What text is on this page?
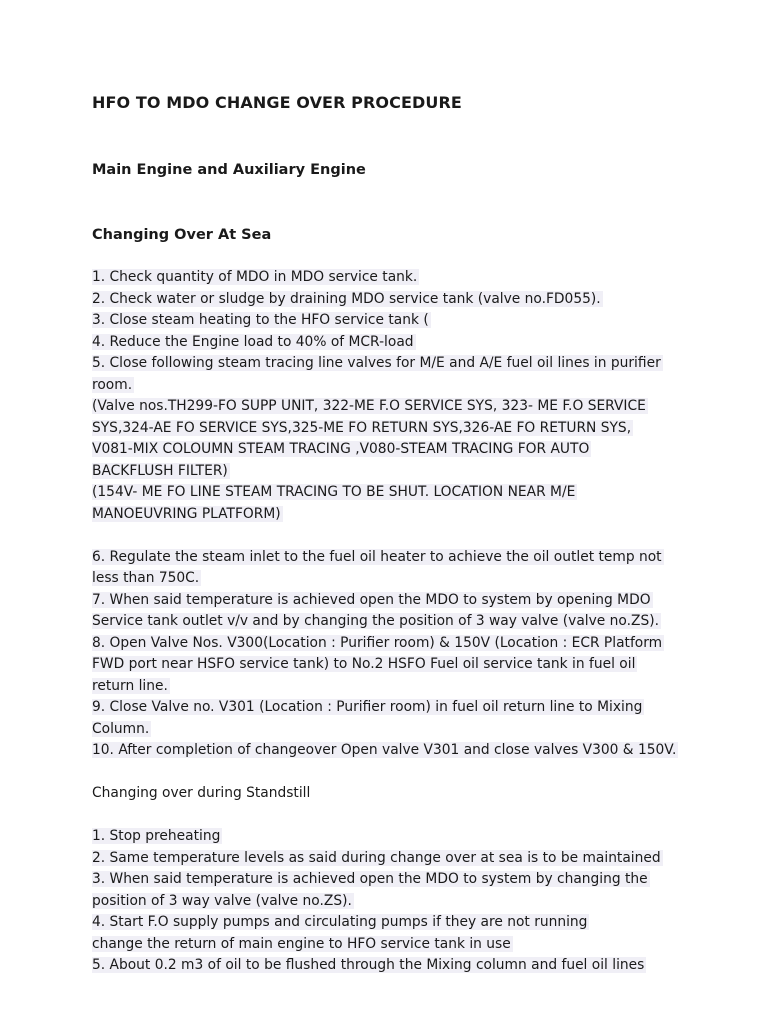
HFO TO MDO CHANGE OVER PROCEDURE
Main Engine and Auxiliary Engine
Changing Over At Sea
1. Check quantity of MDO in MDO service tank.
2. Check water or sludge by draining MDO service tank (valve no.FD055).
3. Close steam heating to the HFO service tank (
4. Reduce the Engine load to 40% of MCR-load
5. Close following steam tracing line valves for M/E and A/E fuel oil lines in purifier
room.
(Valve nos.TH299-FO SUPP UNIT, 322-ME F.O SERVICE SYS, 323- ME F.O SERVICE
SYS,324-AE FO SERVICE SYS,325-ME FO RETURN SYS,326-AE FO RETURN SYS,
V081-MIX COLOUMN STEAM TRACING ,V080-STEAM TRACING FOR AUTO
BACKFLUSH FILTER)
(154V- ME FO LINE STEAM TRACING TO BE SHUT. LOCATION NEAR M/E
MANOEUVRING PLATFORM)
6. Regulate the steam inlet to the fuel oil heater to achieve the oil outlet temp not
less than 750C.
7. When said temperature is achieved open the MDO to system by opening MDO
Service tank outlet v/v and by changing the position of 3 way valve (valve no.ZS).
8. Open Valve Nos. V300(Location : Purifier room) & 150V (Location : ECR Platform
FWD port near HSFO service tank) to No.2 HSFO Fuel oil service tank in fuel oil
return line.
9. Close Valve no. V301 (Location : Purifier room) in fuel oil return line to Mixing
Column.
10. After completion of changeover Open valve V301 and close valves V300 & 150V.
Changing over during Standstill
1. Stop preheating
2. Same temperature levels as said during change over at sea is to be maintained
3. When said temperature is achieved open the MDO to system by changing the
position of 3 way valve (valve no.ZS).
4. Start F.O supply pumps and circulating pumps if they are not running
change the return of main engine to HFO service tank in use
5. About 0.2 m3 of oil to be flushed through the Mixing column and fuel oil lines
